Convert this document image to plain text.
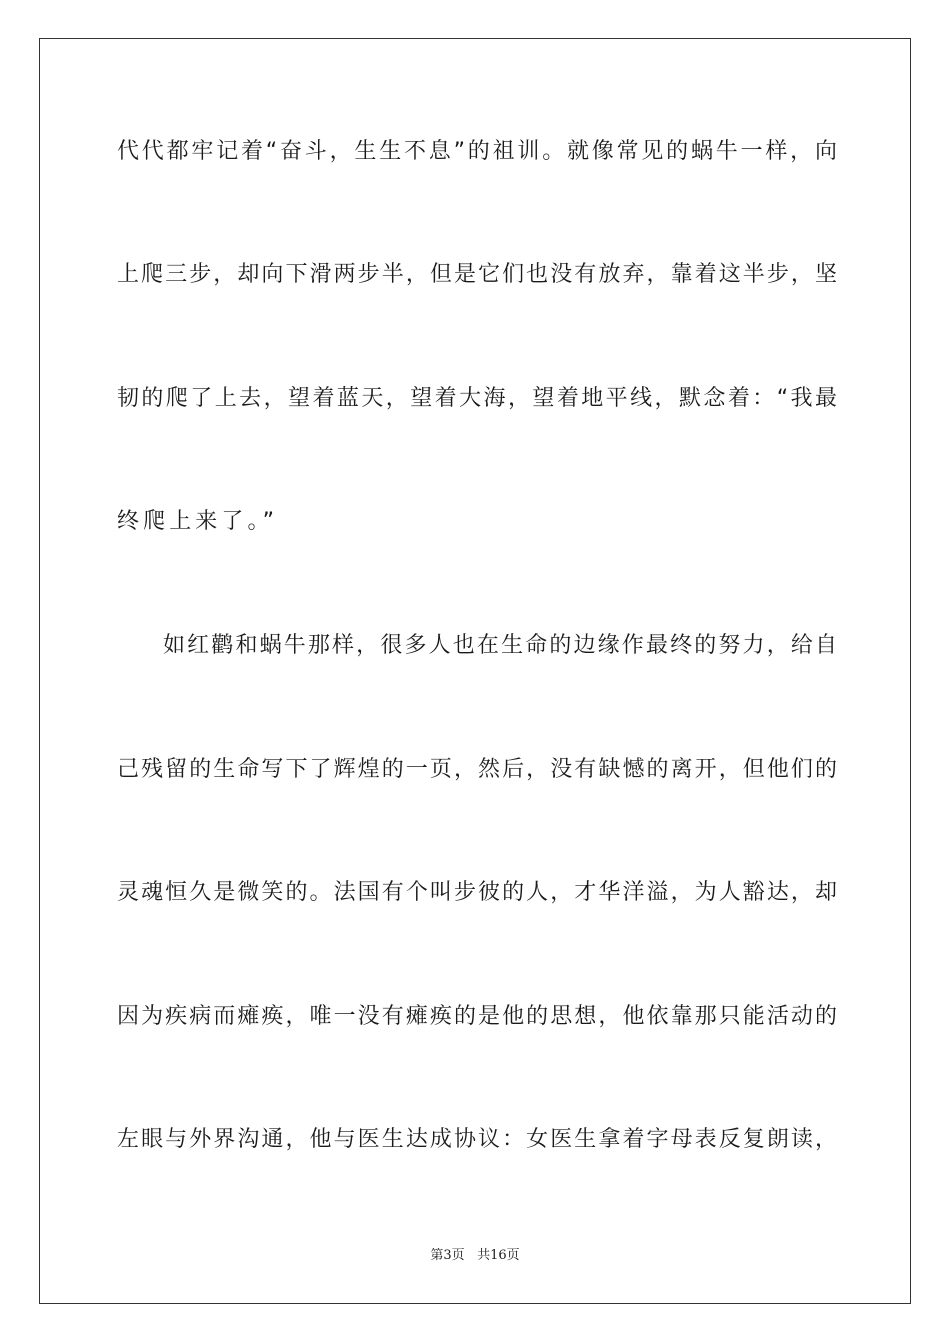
代代都牢记着“奋斗，生生不息”的祖训。就像常见的蜗牛一样，向
上爬三步，却向下滑两步半，但是它们也没有放弃，靠着这半步，坚
韧的爬了上去，望着蓝天，望着大海，望着地平线，默念着：“我最
终爬上来了。”
如红鹳和蜗牛那样，很多人也在生命的边缘作最终的努力，给自
己残留的生命写下了辉煌的一页，然后，没有缺憾的离开，但他们的
灵魂恒久是微笑的。法国有个叫步彼的人，才华洋溢，为人豁达，却
因为疾病而瘫痪，唯一没有瘫痪的是他的思想，他依靠那只能活动的
左眼与外界沟通，他与医生达成协议：女医生拿着字母表反复朗读，
第3页 共16页
